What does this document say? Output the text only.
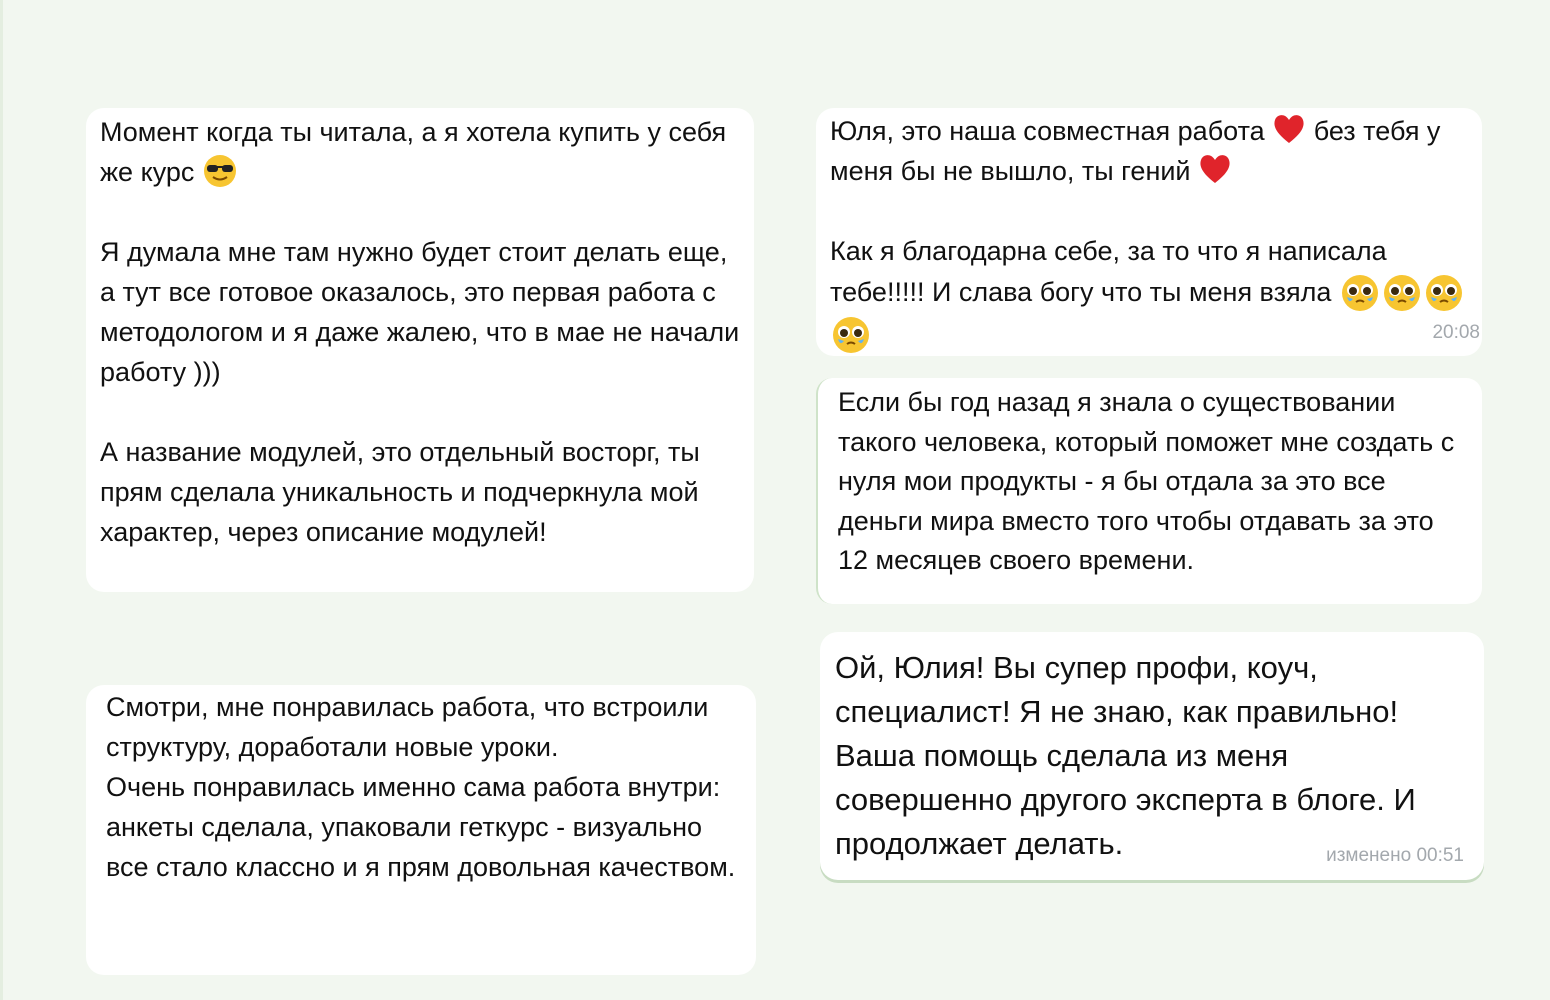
Момент когда ты читала, а я хотела купить у себя же курс

Я думала мне там нужно будет стоит делать еще, а тут все готовое оказалось, это первая работа с методологом и я даже жалею, что в мае не начали работу )))

А название модулей, это отдельный восторг, ты прям сделала уникальность и подчеркнула мой характер, через описание модулей!

Смотри, мне понравилась работа, что встроили структуру, доработали новые уроки.

Очень понравилась именно сама работа внутри: анкеты сделала, упаковали геткурс - визуально все стало классно и я прям довольная качеством.

Юля, это наша совместная работа без тебя у меня бы не вышло, ты гений

Как я благодарна себе, за то что я написала тебе!!!!! И слава богу что ты меня взяла

20:08

Если бы год назад я знала о существовании такого человека, который поможет мне создать с нуля мои продукты - я бы отдала за это все деньги мира вместо того чтобы отдавать за это 12 месяцев своего времени.

Ой, Юлия! Вы супер профи, коуч, специалист! Я не знаю, как правильно! Ваша помощь сделала из меня совершенно другого эксперта в блоге. И продолжает делать.	изменено 00:51
